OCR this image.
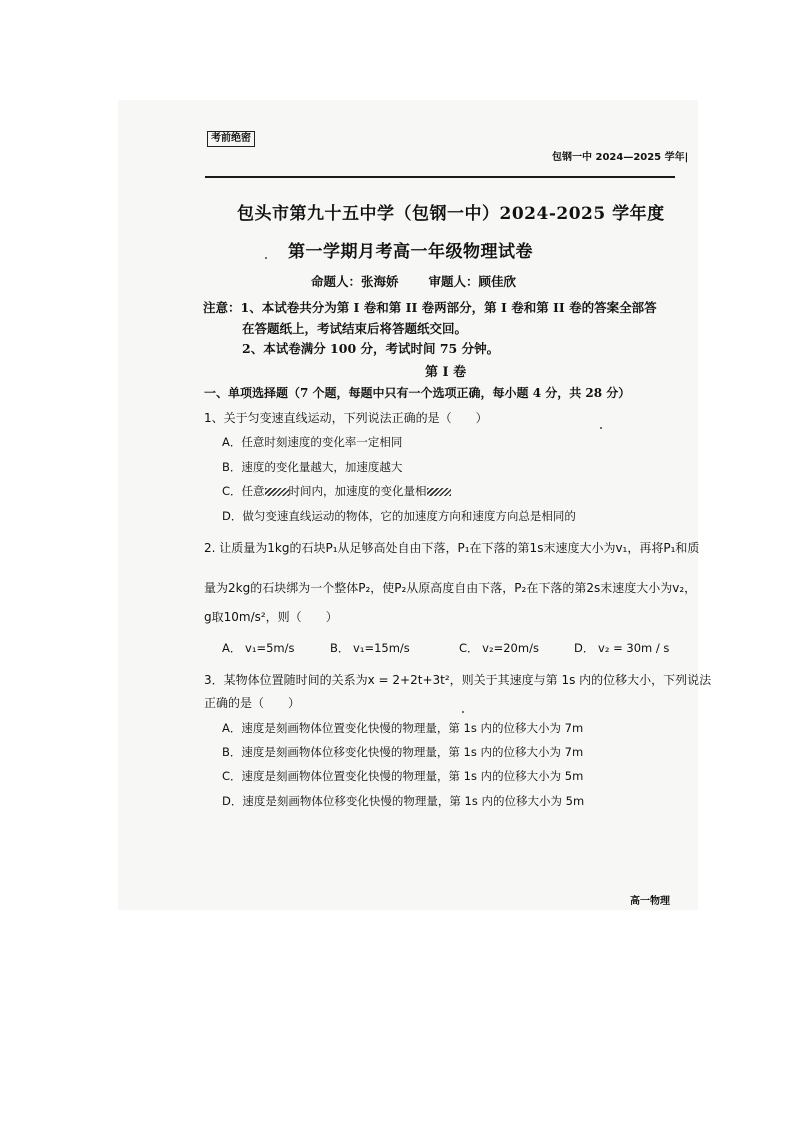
考前绝密
包钢一中 2024—2025 学年|
包头市第九十五中学（包钢一中）2024-2025 学年度
第一学期月考高一年级物理试卷
命题人：张海娇 审题人：顾佳欣
注意：1、本试卷共分为第 I 卷和第 II 卷两部分，第 I 卷和第 II 卷的答案全部答
在答题纸上，考试结束后将答题纸交回。
2、本试卷满分 100 分，考试时间 75 分钟。
第 I 卷
一、单项选择题（7 个题，每题中只有一个选项正确，每小题 4 分，共 28 分）
1、关于匀变速直线运动，下列说法正确的是（ ）
A．任意时刻速度的变化率一定相同
B．速度的变化量越大，加速度越大
C．任意 时间内，加速度的变化量相
D．做匀变速直线运动的物体，它的加速度方向和速度方向总是相同的
2. 让质量为1kg的石块P₁从足够高处自由下落，P₁在下落的第1s末速度大小为v₁，再将P₁和质
量为2kg的石块绑为一个整体P₂，使P₂从原高度自由下落，P₂在下落的第2s末速度大小为v₂，
g取10m/s²，则（ ）
A． v₁=5m/s	B． v₁=15m/s	C． v₂=20m/s	D． v₂ = 30m / s
3．某物体位置随时间的关系为x = 2+2t+3t²，则关于其速度与第 1s 内的位移大小，下列说法
正确的是（ ）
A．速度是刻画物体位置变化快慢的物理量，第 1s 内的位移大小为 7m
B．速度是刻画物体位移变化快慢的物理量，第 1s 内的位移大小为 7m
C．速度是刻画物体位置变化快慢的物理量，第 1s 内的位移大小为 5m
D．速度是刻画物体位移变化快慢的物理量，第 1s 内的位移大小为 5m
高一物理
